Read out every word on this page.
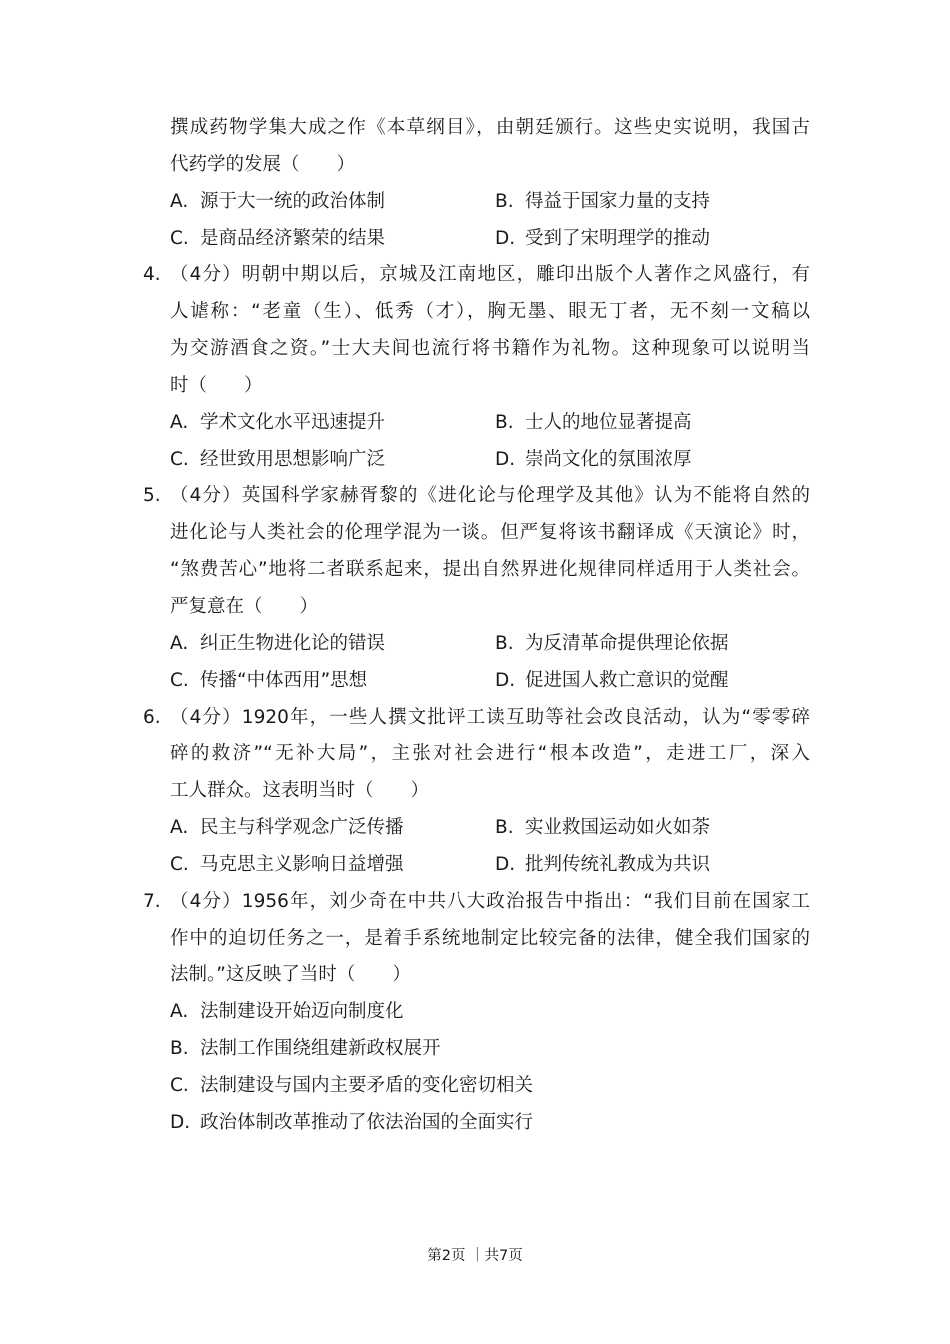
撰成药物学集大成之作《本草纲目》，由朝廷颁行。这些史实说明，我国古
代药学的发展（　　）
A. 源于大一统的政治体制	B. 得益于国家力量的支持
C. 是商品经济繁荣的结果	D. 受到了宋明理学的推动
4. （4分）明朝中期以后，京城及江南地区，雕印出版个人著作之风盛行，有
人谑称：“老童（生）、低秀（才），胸无墨、眼无丁者，无不刻一文稿以
为交游酒食之资。”士大夫间也流行将书籍作为礼物。这种现象可以说明当
时（　　）
A. 学术文化水平迅速提升	B. 士人的地位显著提高
C. 经世致用思想影响广泛	D. 崇尚文化的氛围浓厚
5. （4分）英国科学家赫胥黎的《进化论与伦理学及其他》认为不能将自然的
进化论与人类社会的伦理学混为一谈。但严复将该书翻译成《天演论》时，
“煞费苦心”地将二者联系起来，提出自然界进化规律同样适用于人类社会。
严复意在（　　）
A. 纠正生物进化论的错误	B. 为反清革命提供理论依据
C. 传播“中体西用”思想	D. 促进国人救亡意识的觉醒
6. （4分）1920年，一些人撰文批评工读互助等社会改良活动，认为“零零碎
碎的救济”“无补大局”，主张对社会进行“根本改造”，走进工厂，深入
工人群众。这表明当时（　　）
A. 民主与科学观念广泛传播	B. 实业救国运动如火如荼
C. 马克思主义影响日益增强	D. 批判传统礼教成为共识
7. （4分）1956年，刘少奇在中共八大政治报告中指出：“我们目前在国家工
作中的迫切任务之一，是着手系统地制定比较完备的法律，健全我们国家的
法制。”这反映了当时（　　）
A. 法制建设开始迈向制度化
B. 法制工作围绕组建新政权展开
C. 法制建设与国内主要矛盾的变化密切相关
D. 政治体制改革推动了依法治国的全面实行
第2页 ｜共7页
